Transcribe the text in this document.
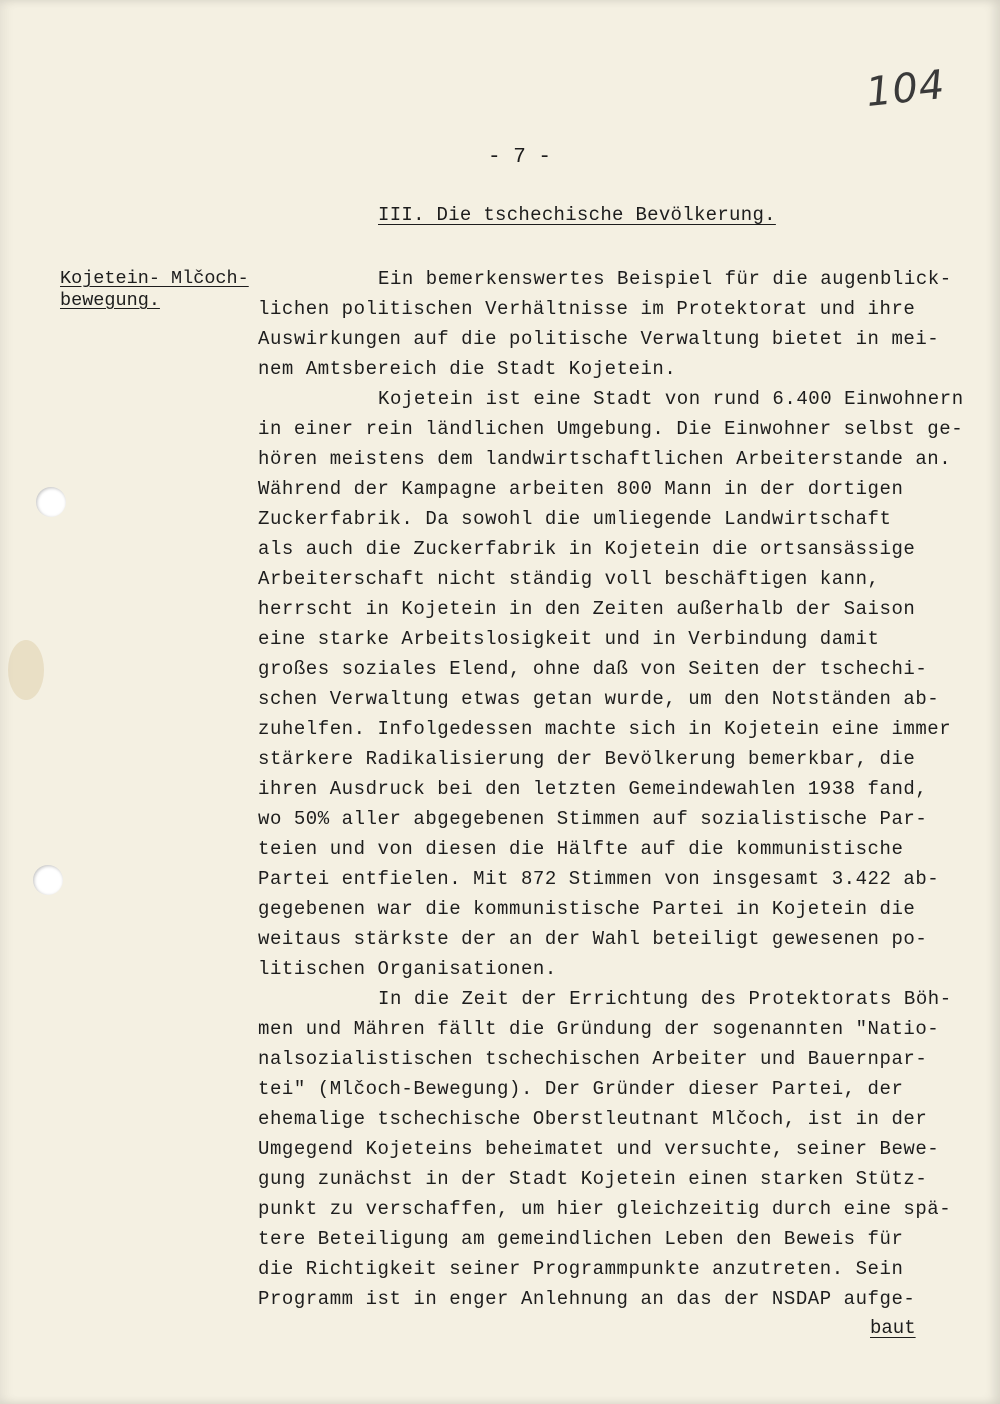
104
- 7 -
III. Die tschechische Bevölkerung.
Kojetein- Mlčoch-
bewegung.
Ein bemerkenswertes Beispiel für die augenblick-
lichen politischen Verhältnisse im Protektorat und ihre
Auswirkungen auf die politische Verwaltung bietet in mei-
nem Amtsbereich die Stadt Kojetein.
Kojetein ist eine Stadt von rund 6.400 Einwohnern
in einer rein ländlichen Umgebung. Die Einwohner selbst ge-
hören meistens dem landwirtschaftlichen Arbeiterstande an.
Während der Kampagne arbeiten 800 Mann in der dortigen
Zuckerfabrik. Da sowohl die umliegende Landwirtschaft
als auch die Zuckerfabrik in Kojetein die ortsansässige
Arbeiterschaft nicht ständig voll beschäftigen kann,
herrscht in Kojetein in den Zeiten außerhalb der Saison
eine starke Arbeitslosigkeit und in Verbindung damit
großes soziales Elend, ohne daß von Seiten der tschechi-
schen Verwaltung etwas getan wurde, um den Notständen ab-
zuhelfen. Infolgedessen machte sich in Kojetein eine immer
stärkere Radikalisierung der Bevölkerung bemerkbar, die
ihren Ausdruck bei den letzten Gemeindewahlen 1938 fand,
wo 50% aller abgegebenen Stimmen auf sozialistische Par-
teien und von diesen die Hälfte auf die kommunistische
Partei entfielen. Mit 872 Stimmen von insgesamt 3.422 ab-
gegebenen war die kommunistische Partei in Kojetein die
weitaus stärkste der an der Wahl beteiligt gewesenen po-
litischen Organisationen.
In die Zeit der Errichtung des Protektorats Böh-
men und Mähren fällt die Gründung der sogenannten "Natio-
nalsozialistischen tschechischen Arbeiter und Bauernpar-
tei" (Mlčoch-Bewegung). Der Gründer dieser Partei, der
ehemalige tschechische Oberstleutnant Mlčoch, ist in der
Umgegend Kojeteins beheimatet und versuchte, seiner Bewe-
gung zunächst in der Stadt Kojetein einen starken Stütz-
punkt zu verschaffen, um hier gleichzeitig durch eine spä-
tere Beteiligung am gemeindlichen Leben den Beweis für
die Richtigkeit seiner Programmpunkte anzutreten. Sein
Programm ist in enger Anlehnung an das der NSDAP aufge-
baut
